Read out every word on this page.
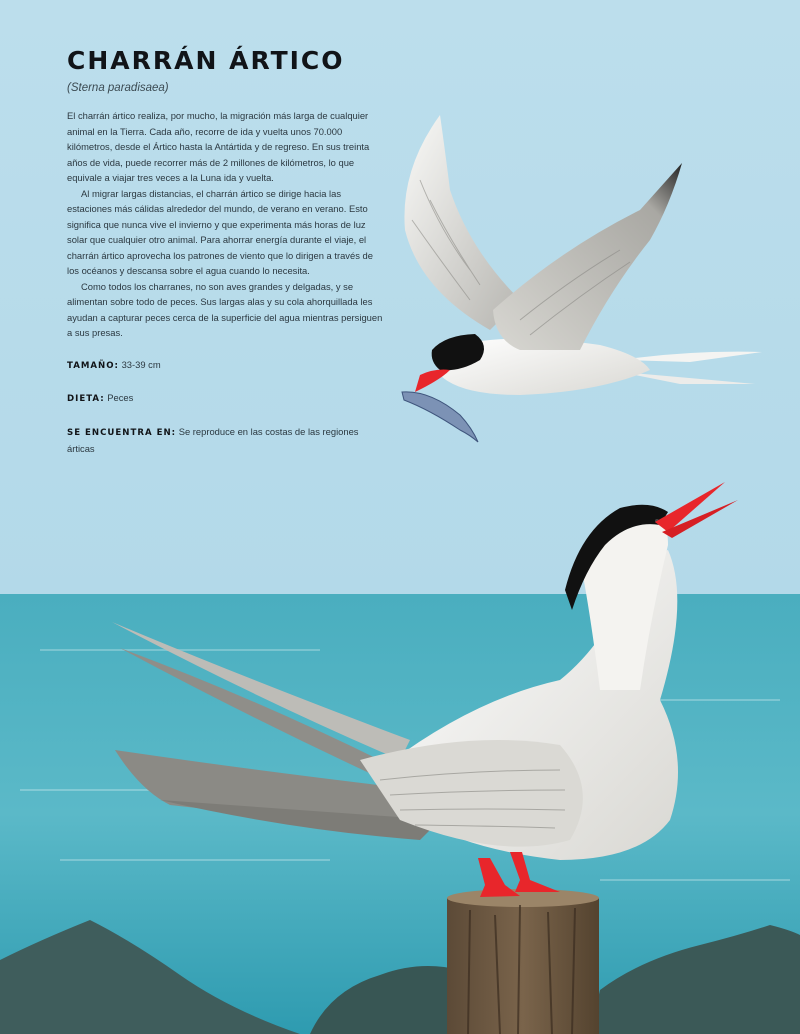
CHARRÁN ÁRTICO
(Sterna paradisaea)

El charrán ártico realiza, por mucho, la migración más larga de cualquier animal en la Tierra. Cada año, recorre de ida y vuelta unos 70.000 kilómetros, desde el Ártico hasta la Antártida y de regreso. En sus treinta años de vida, puede recorrer más de 2 millones de kilómetros, lo que equivale a viajar tres veces a la Luna ida y vuelta.

Al migrar largas distancias, el charrán ártico se dirige hacia las estaciones más cálidas alrededor del mundo, de verano en verano. Esto significa que nunca vive el invierno y que experimenta más horas de luz solar que cualquier otro animal. Para ahorrar energía durante el viaje, el charrán ártico aprovecha los patrones de viento que lo dirigen a través de los océanos y descansa sobre el agua cuando lo necesita.

Como todos los charranes, no son aves grandes y delgadas, y se alimentan sobre todo de peces. Sus largas alas y su cola ahorquillada les ayudan a capturar peces cerca de la superficie del agua mientras persiguen a sus presas.

TAMAÑO: 33-39 cm
DIETA: Peces
SE ENCUENTRA EN: Se reproduce en las costas de las regiones árticas
